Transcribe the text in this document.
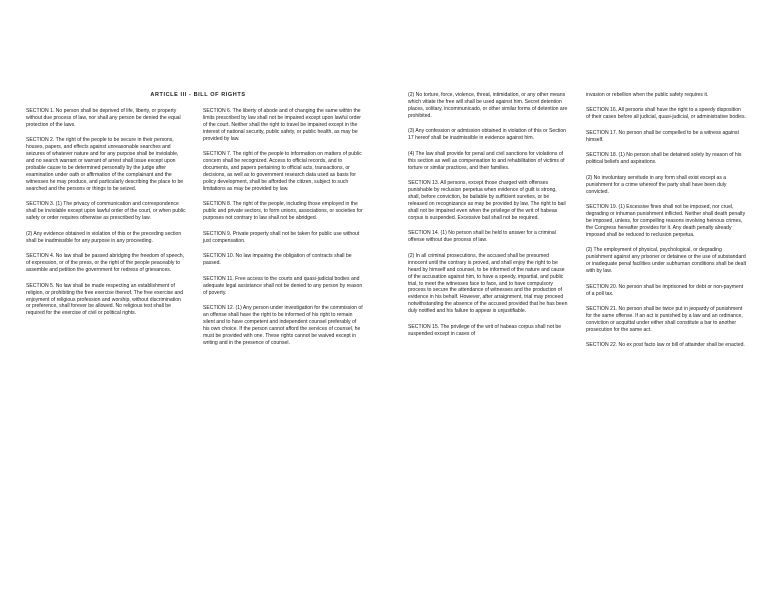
ARTICLE III - BILL OF RIGHTS

SECTION 1. No person shall be deprived of life, liberty, or property without due process of law, nor shall any person be denied the equal protection of the laws.

SECTION 2. The right of the people to be secure in their persons, houses, papers, and effects against unreasonable searches and seizures of whatever nature and for any purpose shall be inviolable, and no search warrant or warrant of arrest shall issue except upon probable cause to be determined personally by the judge after examination under oath or affirmation of the complainant and the witnesses he may produce, and particularly describing the place to be searched and the persons or things to be seized.

SECTION 3. (1) The privacy of communication and correspondence shall be inviolable except upon lawful order of the court, or when public safety or order requires otherwise as prescribed by law.

(2) Any evidence obtained in violation of this or the preceding section shall be inadmissible for any purpose in any proceeding.

SECTION 4. No law shall be passed abridging the freedom of speech, of expression, or of the press, or the right of the people peaceably to assemble and petition the government for redress of grievances.

SECTION 5. No law shall be made respecting an establishment of religion, or prohibiting the free exercise thereof. The free exercise and enjoyment of religious profession and worship, without discrimination or preference, shall forever be allowed. No religious test shall be required for the exercise of civil or political rights.

SECTION 6. The liberty of abode and of changing the same within the limits prescribed by law shall not be impaired except upon lawful order of the court. Neither shall the right to travel be impaired except in the interest of national security, public safety, or public health, as may be provided by law.

SECTION 7. The right of the people to information on matters of public concern shall be recognized. Access to official records, and to documents, and papers pertaining to official acts, transactions, or decisions, as well as to government research data used as basis for policy development, shall be afforded the citizen, subject to such limitations as may be provided by law.

SECTION 8. The right of the people, including those employed in the public and private sectors, to form unions, associations, or societies for purposes not contrary to law shall not be abridged.

SECTION 9. Private property shall not be taken for public use without just compensation.

SECTION 10. No law impairing the obligation of contracts shall be passed.

SECTION 11. Free access to the courts and quasi-judicial bodies and adequate legal assistance shall not be denied to any person by reason of poverty.

SECTION 12. (1) Any person under investigation for the commission of an offense shall have the right to be informed of his right to remain silent and to have competent and independent counsel preferably of his own choice. If the person cannot afford the services of counsel, he must be provided with one. These rights cannot be waived except in writing and in the presence of counsel.

(2) No torture, force, violence, threat, intimidation, or any other means which vitiate the free will shall be used against him. Secret detention places, solitary, incommunicado, or other similar forms of detention are prohibited.

(3) Any confession or admission obtained in violation of this or Section 17 hereof shall be inadmissible in evidence against him.

(4) The law shall provide for penal and civil sanctions for violations of this section as well as compensation to and rehabilitation of victims of torture or similar practices, and their families.

SECTION 13. All persons, except those charged with offenses punishable by reclusion perpetua when evidence of guilt is strong, shall, before conviction, be bailable by sufficient sureties, or be released on recognizance as may be provided by law. The right to bail shall not be impaired even when the privilege of the writ of habeas corpus is suspended. Excessive bail shall not be required.

SECTION 14. (1) No person shall be held to answer for a criminal offense without due process of law.

(2) In all criminal prosecutions, the accused shall be presumed innocent until the contrary is proved, and shall enjoy the right to be heard by himself and counsel, to be informed of the nature and cause of the accusation against him, to have a speedy, impartial, and public trial, to meet the witnesses face to face, and to have compulsory process to secure the attendance of witnesses and the production of evidence in his behalf. However, after arraignment, trial may proceed notwithstanding the absence of the accused provided that he has been duly notified and his failure to appear is unjustifiable.

SECTION 15. The privilege of the writ of habeas corpus shall not be suspended except in cases of

invasion or rebellion when the public safety requires it.

SECTION 16. All persons shall have the right to a speedy disposition of their cases before all judicial, quasi-judicial, or administrative bodies.

SECTION 17. No person shall be compelled to be a witness against himself.

SECTION 18. (1) No person shall be detained solely by reason of his political beliefs and aspirations.

(2) No involuntary servitude in any form shall exist except as a punishment for a crime whereof the party shall have been duly convicted.

SECTION 19. (1) Excessive fines shall not be imposed, nor cruel, degrading or inhuman punishment inflicted. Neither shall death penalty be imposed, unless, for compelling reasons involving heinous crimes, the Congress hereafter provides for it. Any death penalty already imposed shall be reduced to reclusion perpetua.

(2) The employment of physical, psychological, or degrading punishment against any prisoner or detainee or the use of substandard or inadequate penal facilities under subhuman conditions shall be dealt with by law.

SECTION 20. No person shall be imprisoned for debt or non-payment of a poll tax.

SECTION 21. No person shall be twice put in jeopardy of punishment for the same offense. If an act is punished by a law and an ordinance, conviction or acquittal under either shall constitute a bar to another prosecution for the same act.

SECTION 22. No ex post facto law or bill of attainder shall be enacted.
